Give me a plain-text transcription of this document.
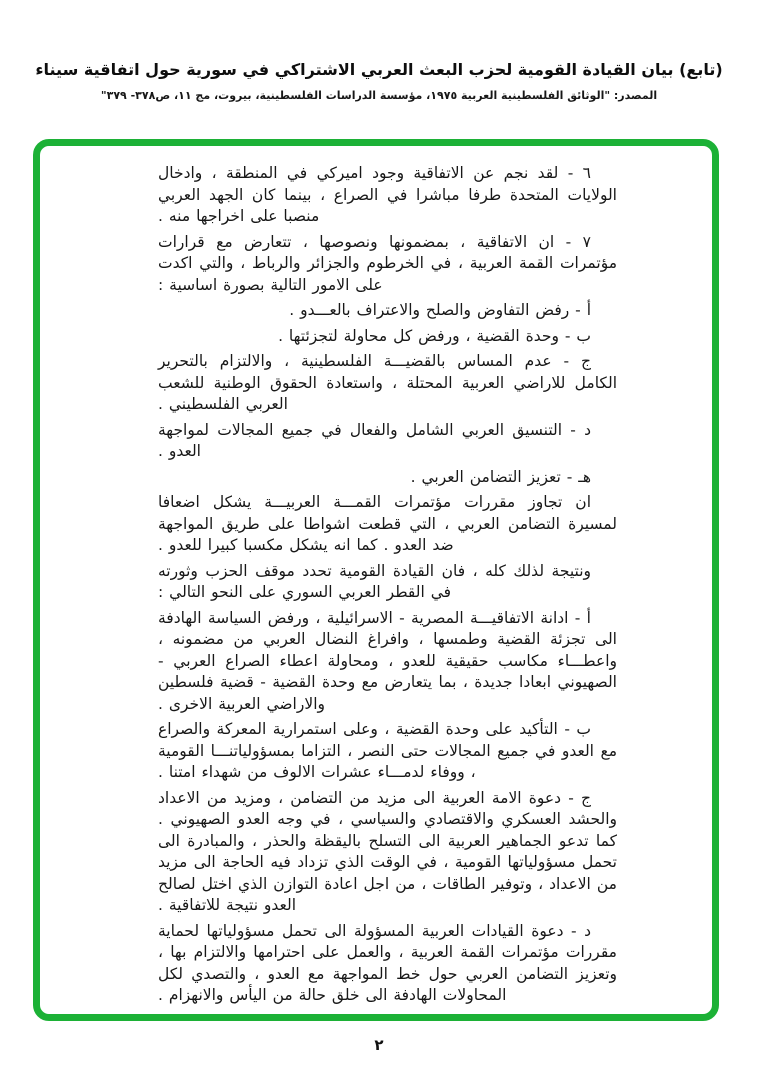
(تابع) بيان القيادة القومية لحزب البعث العربي الاشتراكي في سورية حول اتفاقية سيناء
المصدر: "الوثائق الفلسطينية العربية ١٩٧٥، مؤسسة الدراسات الفلسطينية، بيروت، مج ١١، ص٣٧٨- ٣٧٩"

٦ - لقد نجم عن الاتفاقية وجود اميركي في المنطقة ، وادخال الولايات المتحدة طرفا مباشرا في الصراع ، بينما كان الجهد العربي منصبا على اخراجها منه .

٧ - ان الاتفاقية ، بمضمونها ونصوصها ، تتعارض مع قرارات مؤتمرات القمة العربية ، في الخرطوم والجزائر والرباط ، والتي اكدت على الامور التالية بصورة اساسية :

أ - رفض التفاوض والصلح والاعتراف بالعـــدو .

ب - وحدة القضية ، ورفض كل محاولة لتجزئتها .

ج - عدم المساس بالقضيـــة الفلسطينية ، والالتزام بالتحرير الكامل للاراضي العربية المحتلة ، واستعادة الحقوق الوطنية للشعب العربي الفلسطيني .

د - التنسيق العربي الشامل والفعال في جميع المجالات لمواجهة العدو .

هـ - تعزيز التضامن العربي .

ان تجاوز مقررات مؤتمرات القمـــة العربيـــة يشكل اضعافا لمسيرة التضامن العربي ، التي قطعت اشواطا على طريق المواجهة ضد العدو . كما انه يشكل مكسبا كبيرا للعدو .

ونتيجة لذلك كله ، فان القيادة القومية تحدد موقف الحزب وثورته في القطر العربي السوري على النحو التالي :

أ - ادانة الاتفاقيـــة المصرية - الاسرائيلية ، ورفض السياسة الهادفة الى تجزئة القضية وطمسها ، وافراغ النضال العربي من مضمونه ، واعطـــاء مكاسب حقيقية للعدو ، ومحاولة اعطاء الصراع العربي - الصهيوني ابعادا جديدة ، بما يتعارض مع وحدة القضية - قضية فلسطين والاراضي العربية الاخرى .

ب - التأكيد على وحدة القضية ، وعلى استمرارية المعركة والصراع مع العدو في جميع المجالات حتى النصر ، التزاما بمسؤولياتنـــا القومية ، ووفاء لدمـــاء عشرات الالوف من شهداء امتنا .

ج - دعوة الامة العربية الى مزيد من التضامن ، ومزيد من الاعداد والحشد العسكري والاقتصادي والسياسي ، في وجه العدو الصهيوني . كما تدعو الجماهير العربية الى التسلح باليقظة والحذر ، والمبادرة الى تحمل مسؤولياتها القومية ، في الوقت الذي تزداد فيه الحاجة الى مزيد من الاعداد ، وتوفير الطاقات ، من اجل اعادة التوازن الذي اختل لصالح العدو نتيجة للاتفاقية .

د - دعوة القيادات العربية المسؤولة الى تحمل مسؤولياتها لحماية مقررات مؤتمرات القمة العربية ، والعمل على احترامها والالتزام بها ، وتعزيز التضامن العربي حول خط المواجهة مع العدو ، والتصدي لكل المحاولات الهادفة الى خلق حالة من اليأس والانهزام .

٢
